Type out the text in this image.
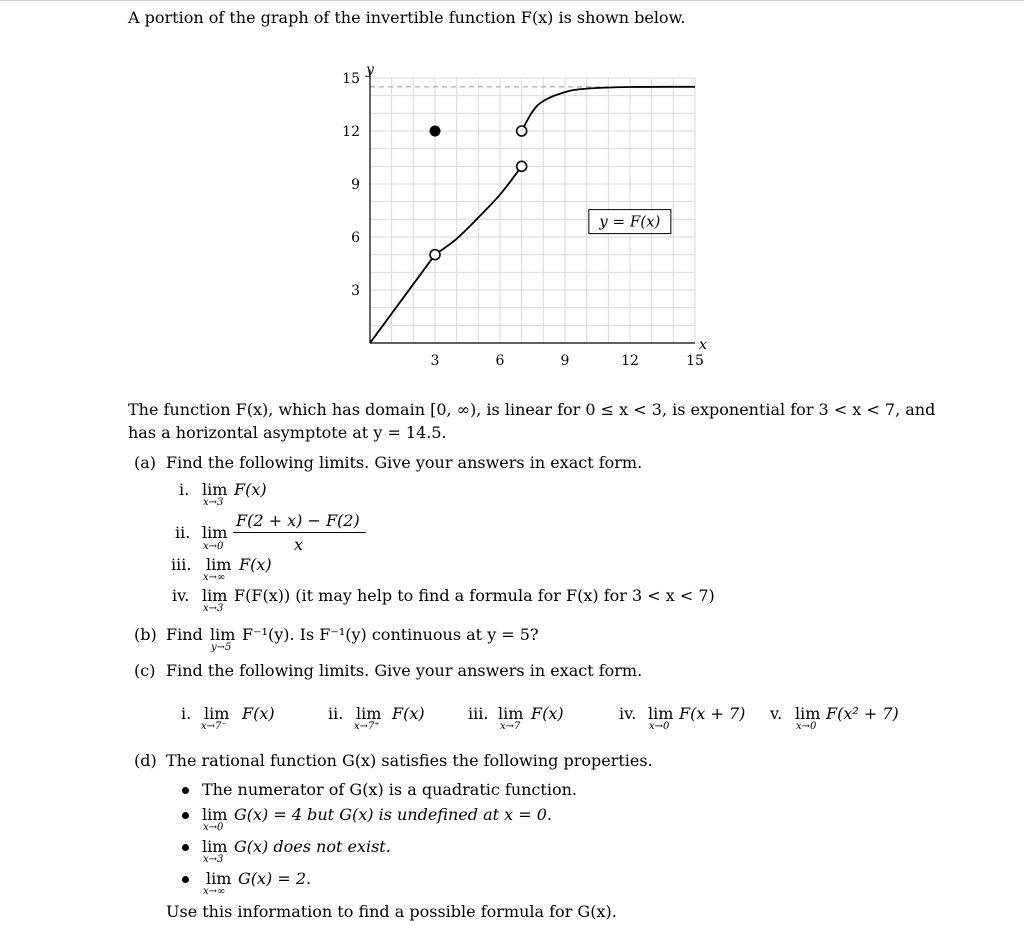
A portion of the graph of the invertible function F(x) is shown below.
3	6	9	12	15
3
6
9
12
15
x
y
y = F(x)
The function F(x), which has domain [0, ∞), is linear for 0 ≤ x < 3, is exponential for 3 < x < 7, and
has a horizontal asymptote at y = 14.5.
(a) Find the following limits. Give your answers in exact form.
i. lim
x→3
F(x)
ii. lim
x→0
F(2 + x) − F(2)
x
iii. lim
x→∞
F(x)
iv. lim
x→3
F(F(x)) (it may help to find a formula for F(x) for 3 < x < 7)
(b) Find lim
y→5
F⁻¹(y). Is F⁻¹(y) continuous at y = 5?
(c) Find the following limits. Give your answers in exact form.
i. lim
x→7⁻
F(x)	ii. lim
x→7⁺
F(x)	iii. lim
x→7
F(x)	iv. lim
x→0
F(x + 7) v. lim
x→0
F(x² + 7)
(d) The rational function G(x) satisfies the following properties.
The numerator of G(x) is a quadratic function.
lim
x→0
G(x) = 4 but G(x) is undefined at x = 0.
lim
x→3
G(x) does not exist.
lim
x→∞
G(x) = 2.
Use this information to find a possible formula for G(x).
